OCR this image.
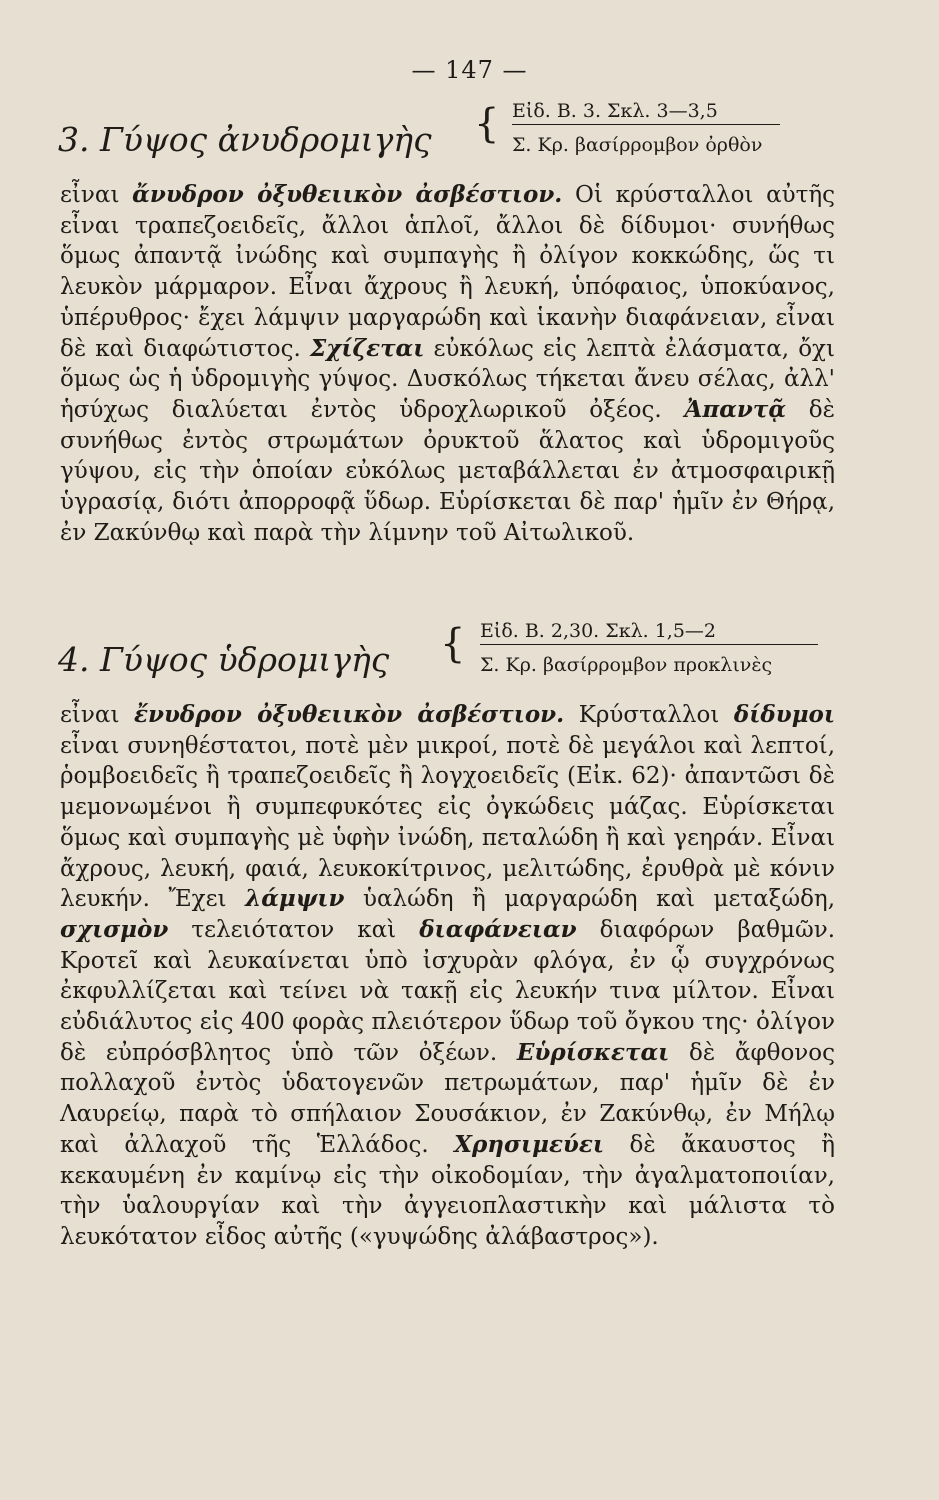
— 147 —
3. Γύψος ἀνυδρομιγὴς { Εἰδ. Β. 3. Σκλ. 3—3,5
Σ. Κρ. βασίρρομβον ὀρθὸν

εἶναι ἄνυδρον ὀξυθειικὸν ἀσβέστιον. Οἱ κρύσταλλοι αὐτῆς εἶναι τραπεζοειδεῖς, ἄλλοι ἁπλοῖ, ἄλλοι δὲ δίδυμοι· συνήθως ὅμως ἀπαντᾷ ἰνώδης καὶ συμπαγὴς ἢ ὀλίγον κοκκώδης, ὥς τι λευκὸν μάρμαρον. Εἶναι ἄχρους ἢ λευκή, ὑπόφαιος, ὑποκύανος, ὑπέρυθρος· ἔχει λάμψιν μαργαρώδη καὶ ἱκανὴν διαφάνειαν, εἶναι δὲ καὶ διαφώτιστος. Σχίζεται εὐκόλως εἰς λεπτὰ ἐλάσματα, ὄχι ὅμως ὡς ἡ ὑδρομιγὴς γύψος. Δυσκόλως τήκεται ἄνευ σέλας, ἀλλ' ἡσύχως διαλύεται ἐντὸς ὑδροχλωρικοῦ ὀξέος. Ἀπαντᾷ δὲ συνήθως ἐντὸς στρωμάτων ὀρυκτοῦ ἅλατος καὶ ὑδρομιγοῦς γύψου, εἰς τὴν ὁποίαν εὐκόλως μεταβάλλεται ἐν ἀτμοσφαιρικῇ ὑγρασίᾳ, διότι ἀπορροφᾷ ὕδωρ. Εὑρίσκεται δὲ παρ' ἡμῖν ἐν Θήρᾳ, ἐν Ζακύνθῳ καὶ παρὰ τὴν λίμνην τοῦ Αἰτωλικοῦ.

4. Γύψος ὑδρομιγὴς { Εἰδ. Β. 2,30. Σκλ. 1,5—2
Σ. Κρ. βασίρρομβον προκλινὲς

εἶναι ἔνυδρον ὀξυθειικὸν ἀσβέστιον. Κρύσταλλοι δίδυμοι εἶναι συνηθέστατοι, ποτὲ μὲν μικροί, ποτὲ δὲ μεγάλοι καὶ λεπτοί, ῥομβοειδεῖς ἢ τραπεζοειδεῖς ἢ λογχοειδεῖς (Εἰκ. 62)· ἀπαντῶσι δὲ μεμονωμένοι ἢ συμπεφυκότες εἰς ὀγκώδεις μάζας. Εὑρίσκεται ὅμως καὶ συμπαγὴς μὲ ὑφὴν ἰνώδη, πεταλώδη ἢ καὶ γεηράν. Εἶναι ἄχρους, λευκή, φαιά, λευκοκίτρινος, μελιτώδης, ἐρυθρὰ μὲ κόνιν λευκήν. Ἔχει λάμψιν ὑαλώδη ἢ μαργαρώδη καὶ μεταξώδη, σχισμὸν τελειότατον καὶ διαφάνειαν διαφόρων βαθμῶν. Κροτεῖ καὶ λευκαίνεται ὑπὸ ἰσχυρὰν φλόγα, ἐν ᾧ συγχρόνως ἐκφυλλίζεται καὶ τείνει νὰ τακῇ εἰς λευκήν τινα μίλτον. Εἶναι εὐδιάλυτος εἰς 400 φορὰς πλειότερον ὕδωρ τοῦ ὄγκου της· ὀλίγον δὲ εὐπρόσβλητος ὑπὸ τῶν ὀξέων. Εὑρίσκεται δὲ ἄφθονος πολλαχοῦ ἐντὸς ὑδατογενῶν πετρωμάτων, παρ' ἡμῖν δὲ ἐν Λαυρείῳ, παρὰ τὸ σπήλαιον Σουσάκιον, ἐν Ζακύνθῳ, ἐν Μήλῳ καὶ ἀλλαχοῦ τῆς Ἑλλάδος. Χρησιμεύει δὲ ἄκαυστος ἢ κεκαυμένη ἐν καμίνῳ εἰς τὴν οἰκοδομίαν, τὴν ἀγαλματοποιίαν, τὴν ὑαλουργίαν καὶ τὴν ἀγγειοπλαστικὴν καὶ μάλιστα τὸ λευκότατον εἶδος αὐτῆς («γυψώδης ἀλάβαστρος»).
